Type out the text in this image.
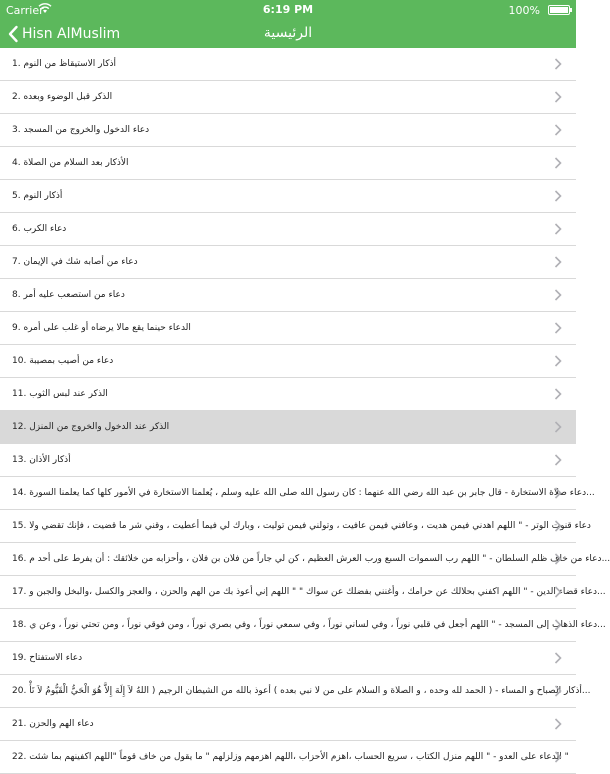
Carrier	6:19 PM	100%
Hisn AlMuslim	الرئيسية
1. أذكار الاستيقاظ من النوم
2. الذكر قبل الوضوء وبعده
3. دعاء الدخول والخروج من المسجد
4. الأذكار بعد السلام من الصلاة
5. أذكار النوم
6. دعاء الكرب
7. دعاء من أصابه شك في الإيمان
8. دعاء من استصعب عليه أمر
9. الدعاء حينما يقع مالا يرضاه أو غلب على أمره
10. دعاء من أصيب بمصيبة
11. الذكر عند لبس الثوب
12. الذكر عند الدخول والخروج من المنزل
13. أذكار الأذان
14. دعاء صلاة الاستخارة - قال جابر بن عبد الله رضي الله عنهما : كان رسول الله صلى الله عليه وسلم ، يُعلمنا الاستخارة في الأمور كلها كما يعلمنا السورة...
15. دعاء قنوت الوتر - " اللهم اهدني فيمن هديت ، وعافني فيمن عافيت ، وتولني فيمن توليت ، وبارك لي فيما أعطيت ، وقني شر ما قضيت ، فإنك تقضي ولا
16. دعاء من خاف ظلم السلطان - " اللهم رب السموات السبع ورب العرش العظيم ، كن لي جاراً من فلان بن فلان ، وأحزابه من خلائقك : أن يفرط على أحد م...
17. دعاء قضاء الدين - " اللهم اكفني بحلالك عن حرامك ، وأغنني بفضلك عن سواك " " اللهم إني أعوذ بك من الهم والحزن ، والعجز والكسل ،والبخل والجبن و...
18. دعاء الذهاب إلى المسجد - " اللهم أجعل في قلبي نوراً ، وفي لساني نوراً ، وفي سمعي نوراً ، وفي بصري نوراً ، ومن فوقي نوراً ، ومن تحتي نوراً ، وعن ي...
19. دعاء الاستفتاح
20. أذكار الصباح و المساء - ( الحمد لله وحده ، و الصلاة و السلام على من لا نبي بعده ) أعوذ بالله من الشيطان الرجيم ( اللهُ لاَ إِلَهَ إِلاَّ هُوَ الْحَيُّ الْقَيُّومُ لاَ تَأْ...
21. دعاء الهم والحزن
22. الدعاء على العدو - " اللهم منزل الكتاب ، سريع الحساب ،اهزم الأحزاب ،اللهم اهزمهم وزلزلهم " ما يقول من خاف قوماً "اللهم اكفينهم بما شئت "
